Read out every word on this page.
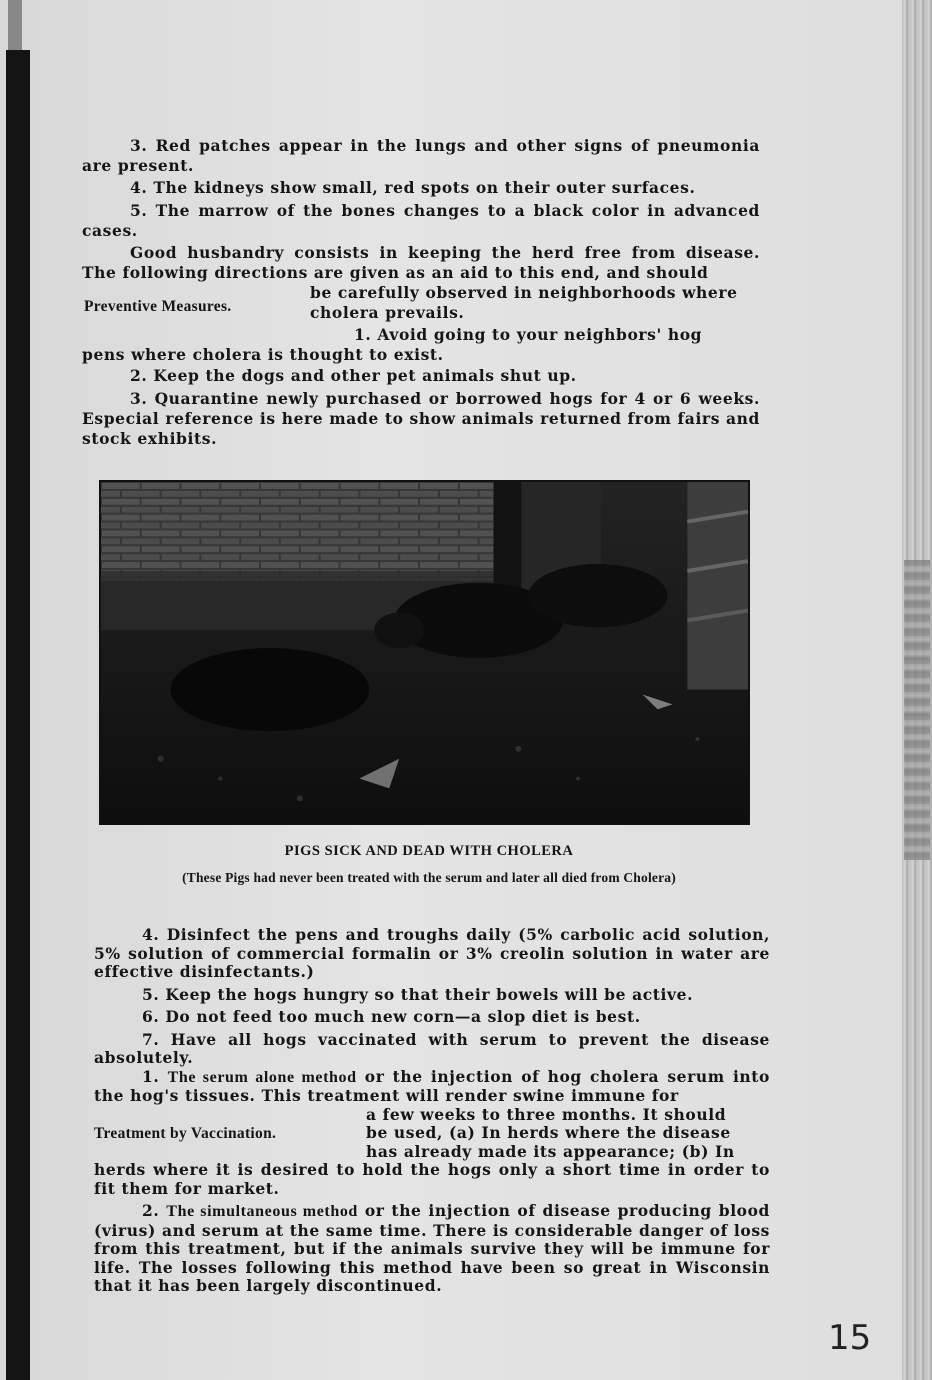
3. Red patches appear in the lungs and other signs of pneumonia are present.

4. The kidneys show small, red spots on their outer surfaces.

5. The marrow of the bones changes to a black color in advanced cases.

Good husbandry consists in keeping the herd free from disease. The following directions are given as an aid to this end, and should

be carefully observed in neighborhoods where

cholera prevails.

1. Avoid going to your neighbors' hog

pens where cholera is thought to exist.

2. Keep the dogs and other pet animals shut up.

3. Quarantine newly purchased or borrowed hogs for 4 or 6 weeks. Especial reference is here made to show animals returned from fairs and stock exhibits.

Preventive Measures.
PIGS SICK AND DEAD WITH CHOLERA
(These Pigs had never been treated with the serum and later all died from Cholera)

4. Disinfect the pens and troughs daily (5% carbolic acid solution, 5% solution of commercial formalin or 3% creolin solution in water are effective disinfectants.)

5. Keep the hogs hungry so that their bowels will be active.

6. Do not feed too much new corn—a slop diet is best.

7. Have all hogs vaccinated with serum to prevent the disease absolutely.

1. The serum alone method or the injection of hog cholera serum into the hog's tissues. This treatment will render swine immune for

a few weeks to three months. It should

be used, (a) In herds where the disease

has already made its appearance; (b) In

herds where it is desired to hold the hogs only a short time in order to fit them for market.

2. The simultaneous method or the injection of disease producing blood (virus) and serum at the same time. There is considerable danger of loss from this treatment, but if the animals survive they will be immune for life. The losses following this method have been so great in Wisconsin that it has been largely discontinued.

Treatment by Vaccination.
15
